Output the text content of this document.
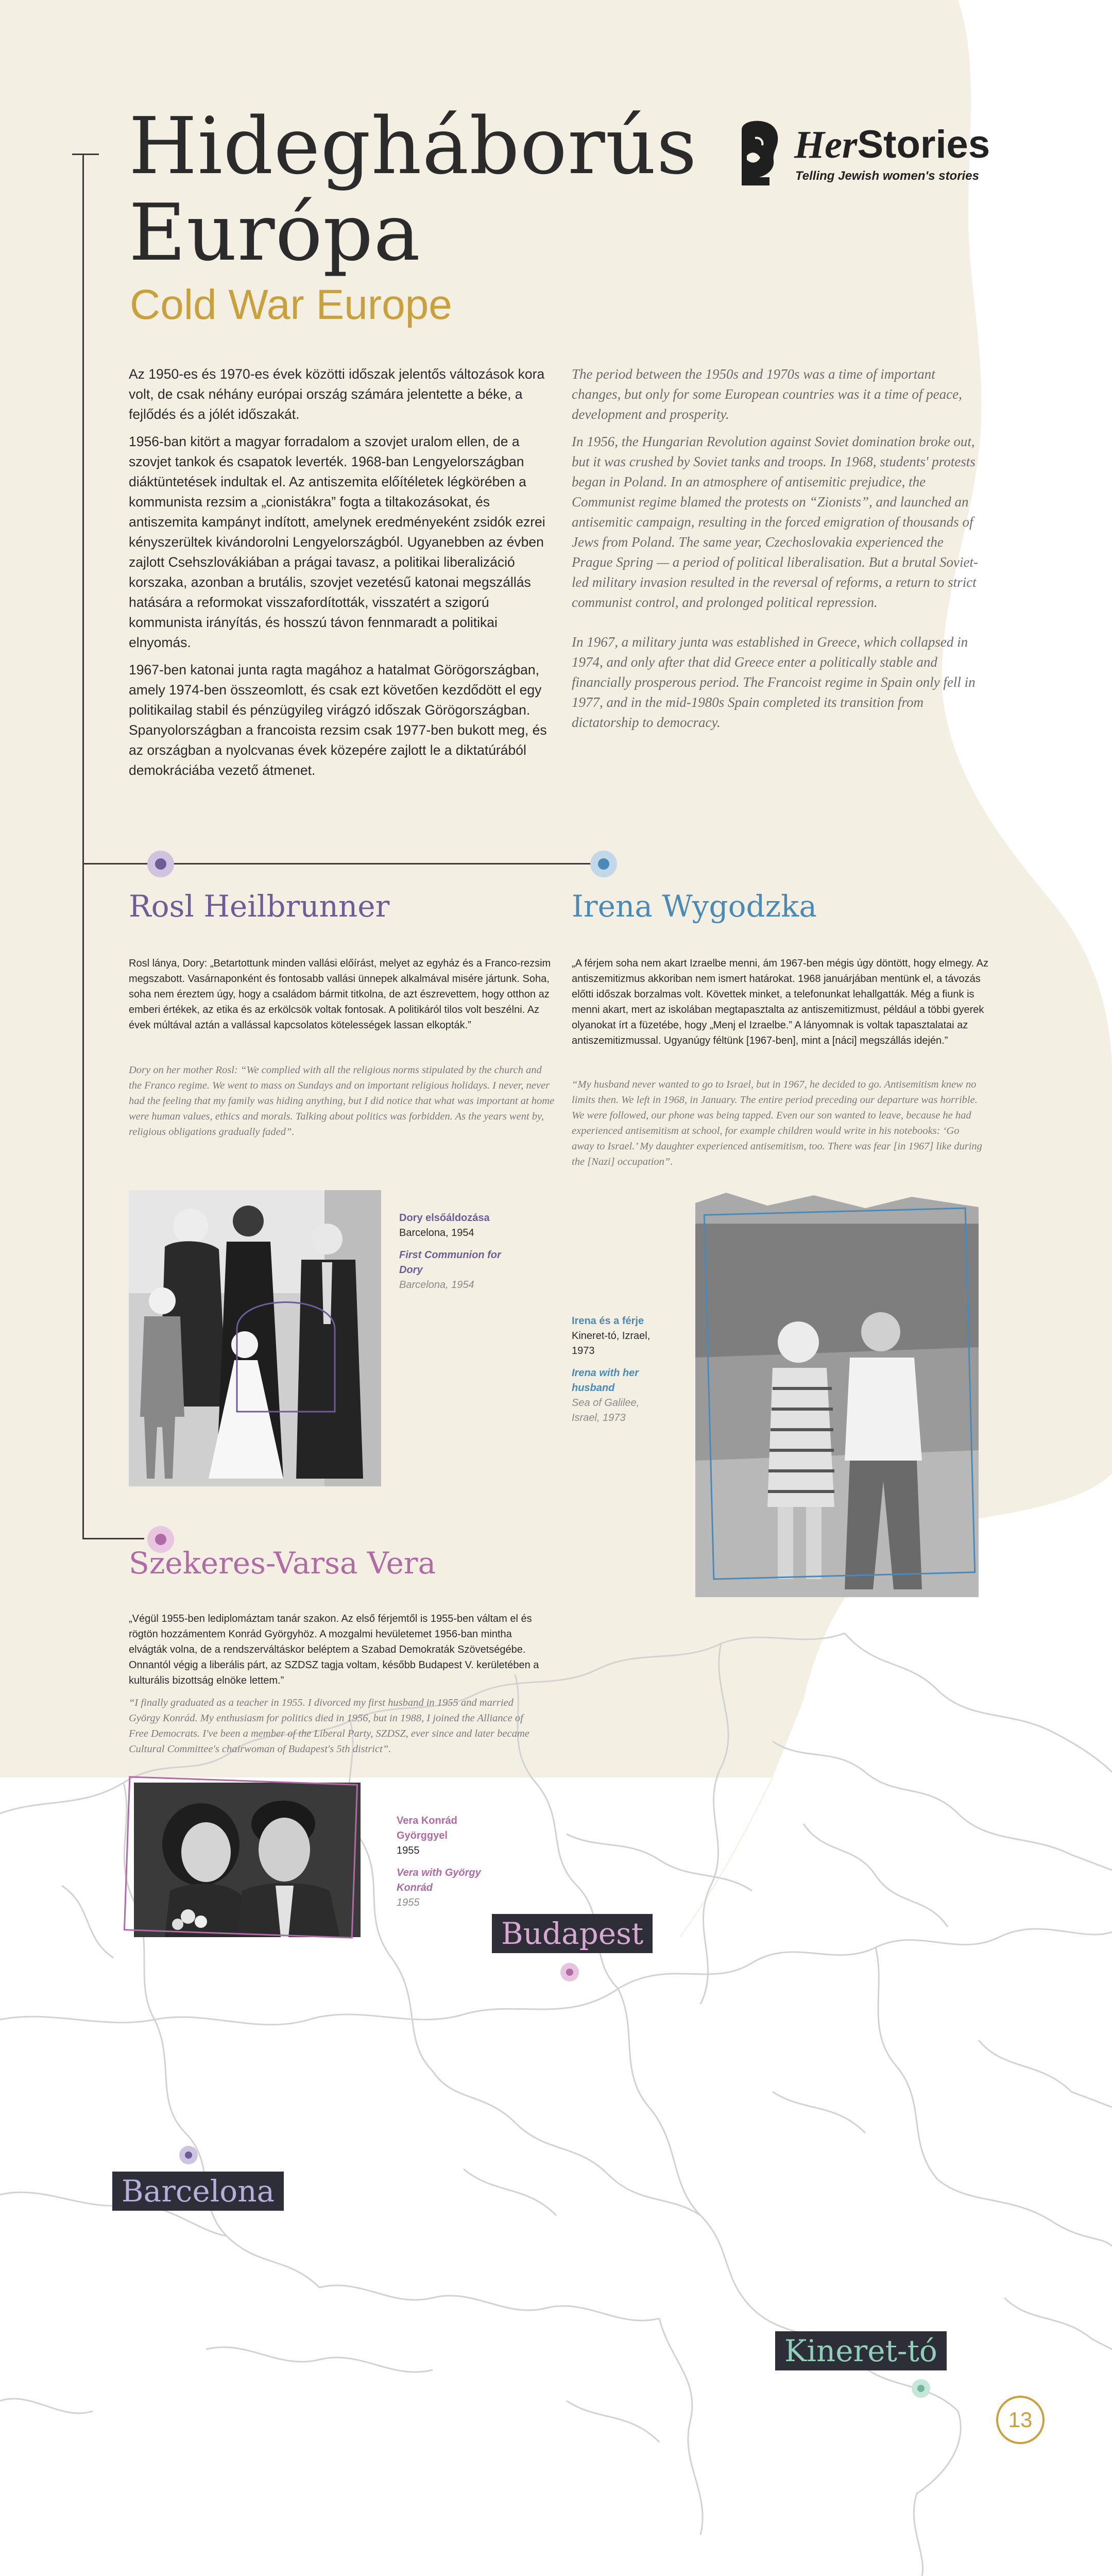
Hidegháborús Európa
Cold War Europe
HerStories
Telling Jewish women's stories

Az 1950-es és 1970-es évek közötti időszak jelentős változások kora volt, de csak néhány európai ország számára jelentette a béke, a fejlődés és a jólét időszakát.

1956-ban kitört a magyar forradalom a szovjet uralom ellen, de a szovjet tankok és csapatok leverték. 1968-ban Lengyelországban diáktüntetések indultak el. Az antiszemita előítéletek légkörében a kommunista rezsim a „cionistákra” fogta a tiltakozásokat, és antiszemita kampányt indított, amelynek eredményeként zsidók ezrei kényszerültek kivándorolni Lengyelországból. Ugyanebben az évben zajlott Csehszlovákiában a prágai tavasz, a politikai liberalizáció korszaka, azonban a brutális, szovjet vezetésű katonai megszállás hatására a reformokat visszafordították, visszatért a szigorú kommunista irányítás, és hosszú távon fennmaradt a politikai elnyomás.

1967-ben katonai junta ragta magához a hatalmat Görögországban, amely 1974-ben összeomlott, és csak ezt követően kezdődött el egy politikailag stabil és pénzügyileg virágzó időszak Görögországban. Spanyolországban a francoista rezsim csak 1977-ben bukott meg, és az országban a nyolcvanas évek közepére zajlott le a diktatúrából demokráciába vezető átmenet.

The period between the 1950s and 1970s was a time of important changes, but only for some European countries was it a time of peace, development and prosperity.

In 1956, the Hungarian Revolution against Soviet domination broke out, but it was crushed by Soviet tanks and troops. In 1968, students' protests began in Poland. In an atmosphere of antisemitic prejudice, the Communist regime blamed the protests on “Zionists”, and launched an antisemitic campaign, resulting in the forced emigration of thousands of Jews from Poland. The same year, Czechoslovakia experienced the Prague Spring — a period of political liberalisation. But a brutal Soviet-led military invasion resulted in the reversal of reforms, a return to strict communist control, and prolonged political repression.

In 1967, a military junta was established in Greece, which collapsed in 1974, and only after that did Greece enter a politically stable and financially prosperous period. The Francoist regime in Spain only fell in 1977, and in the mid-1980s Spain completed its transition from dictatorship to democracy.

Rosl Heilbrunner
Rosl lánya, Dory: „Betartottunk minden vallási előírást, melyet az egyház és a Franco-rezsim megszabott. Vasárnaponként és fontosabb vallási ünnepek alkalmával misére jártunk. Soha, soha nem éreztem úgy, hogy a családom bármit titkolna, de azt észrevettem, hogy otthon az emberi értékek, az etika és az erkölcsök voltak fontosak. A politikáról tilos volt beszélni. Az évek múltával aztán a vallással kapcsolatos kötelességek lassan elkopták.”
Dory on her mother Rosl: “We complied with all the religious norms stipulated by the church and the Franco regime. We went to mass on Sundays and on important religious holidays. I never, never had the feeling that my family was hiding anything, but I did notice that what was important at home were human values, ethics and morals. Talking about politics was forbidden. As the years went by, religious obligations gradually faded”.
Dory elsőáldozása
Barcelona, 1954
First Communion for Dory
Barcelona, 1954
Irena Wygodzka
„A férjem soha nem akart Izraelbe menni, ám 1967-ben mégis úgy döntött, hogy elmegy. Az antiszemitizmus akkoriban nem ismert határokat. 1968 januárjában mentünk el, a távozás előtti időszak borzalmas volt. Követtek minket, a telefonunkat lehallgatták. Még a fiunk is menni akart, mert az iskolában megtapasztalta az antiszemitizmust, például a többi gyerek olyanokat írt a füzetébe, hogy „Menj el Izraelbe.” A lányomnak is voltak tapasztalatai az antiszemitizmussal. Ugyanúgy féltünk [1967-ben], mint a [náci] megszállás idején.”
“My husband never wanted to go to Israel, but in 1967, he decided to go. Antisemitism knew no limits then. We left in 1968, in January. The entire period preceding our departure was horrible. We were followed, our phone was being tapped. Even our son wanted to leave, because he had experienced antisemitism at school, for example children would write in his notebooks: ‘Go away to Israel.’ My daughter experienced antisemitism, too. There was fear [in 1967] like during the [Nazi] occupation”.
Irena és a férje
Kineret-tó, Izrael, 1973
Irena with her husband
Sea of Galilee, Israel, 1973
Szekeres-Varsa Vera
„Végül 1955-ben lediplomáztam tanár szakon. Az első férjemtől is 1955-ben váltam el és rögtön hozzámentem Konrád Györgyhöz. A mozgalmi hevületemet 1956-ban mintha elvágták volna, de a rendszerváltáskor beléptem a Szabad Demokraták Szövetségébe. Onnantól végig a liberális párt, az SZDSZ tagja voltam, később Budapest V. kerületében a kulturális bizottság elnöke lettem.”
“I finally graduated as a teacher in 1955. I divorced my first husband in 1955 and married György Konrád. My enthusiasm for politics died in 1956, but in 1988, I joined the Alliance of Free Democrats. I've been a member of the Liberal Party, SZDSZ, ever since and later became Cultural Committee's chairwoman of Budapest's 5th district”.
Vera Konrád Györggyel
1955
Vera with György Konrád
1955
Budapest
Barcelona
Kineret-tó
13
